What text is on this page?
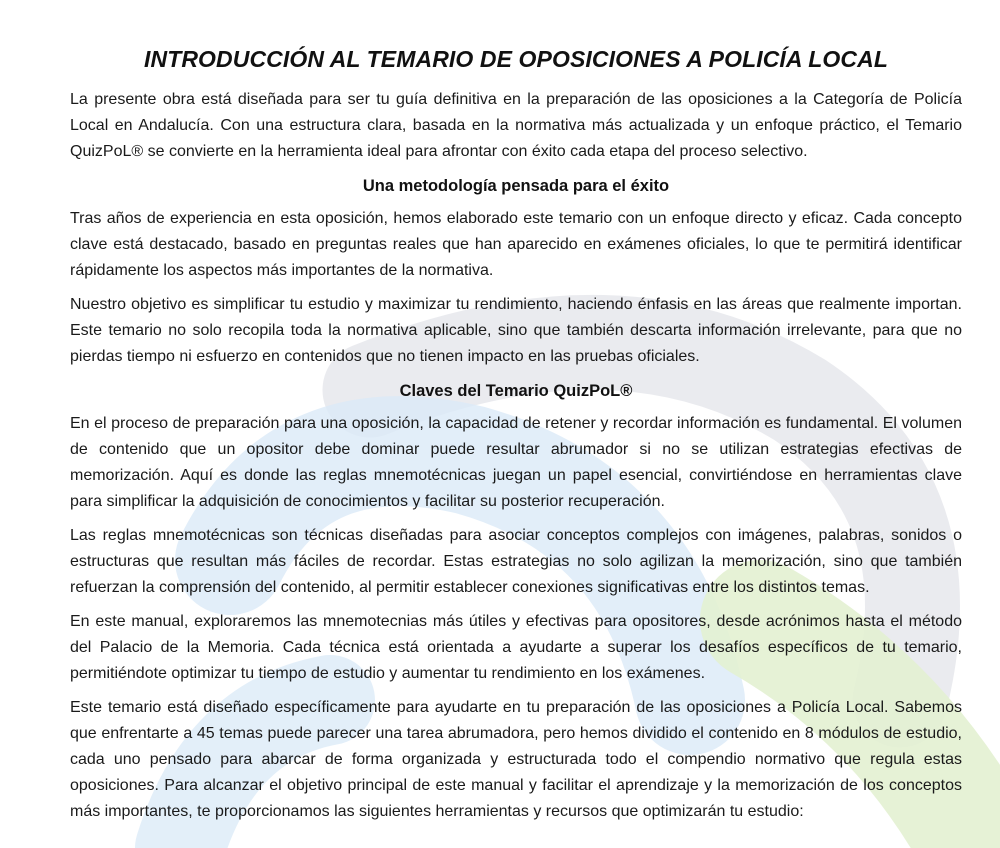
INTRODUCCIÓN AL TEMARIO DE OPOSICIONES A POLICÍA LOCAL

La presente obra está diseñada para ser tu guía definitiva en la preparación de las oposiciones a la Categoría de Policía Local en Andalucía. Con una estructura clara, basada en la normativa más actualizada y un enfoque práctico, el Temario QuizPoL® se convierte en la herramienta ideal para afrontar con éxito cada etapa del proceso selectivo.

Una metodología pensada para el éxito

Tras años de experiencia en esta oposición, hemos elaborado este temario con un enfoque directo y eficaz. Cada concepto clave está destacado, basado en preguntas reales que han aparecido en exámenes oficiales, lo que te permitirá identificar rápidamente los aspectos más importantes de la normativa.

Nuestro objetivo es simplificar tu estudio y maximizar tu rendimiento, haciendo énfasis en las áreas que realmente importan. Este temario no solo recopila toda la normativa aplicable, sino que también descarta información irrelevante, para que no pierdas tiempo ni esfuerzo en contenidos que no tienen impacto en las pruebas oficiales.

Claves del Temario QuizPoL®

En el proceso de preparación para una oposición, la capacidad de retener y recordar información es fundamental. El volumen de contenido que un opositor debe dominar puede resultar abrumador si no se utilizan estrategias efectivas de memorización. Aquí es donde las reglas mnemotécnicas juegan un papel esencial, convirtiéndose en herramientas clave para simplificar la adquisición de conocimientos y facilitar su posterior recuperación.

Las reglas mnemotécnicas son técnicas diseñadas para asociar conceptos complejos con imágenes, palabras, sonidos o estructuras que resultan más fáciles de recordar. Estas estrategias no solo agilizan la memorización, sino que también refuerzan la comprensión del contenido, al permitir establecer conexiones significativas entre los distintos temas.

En este manual, exploraremos las mnemotecnias más útiles y efectivas para opositores, desde acrónimos hasta el método del Palacio de la Memoria. Cada técnica está orientada a ayudarte a superar los desafíos específicos de tu temario, permitiéndote optimizar tu tiempo de estudio y aumentar tu rendimiento en los exámenes.

Este temario está diseñado específicamente para ayudarte en tu preparación de las oposiciones a Policía Local. Sabemos que enfrentarte a 45 temas puede parecer una tarea abrumadora, pero hemos dividido el contenido en 8 módulos de estudio, cada uno pensado para abarcar de forma organizada y estructurada todo el compendio normativo que regula estas oposiciones. Para alcanzar el objetivo principal de este manual y facilitar el aprendizaje y la memorización de los conceptos más importantes, te proporcionamos las siguientes herramientas y recursos que optimizarán tu estudio:
